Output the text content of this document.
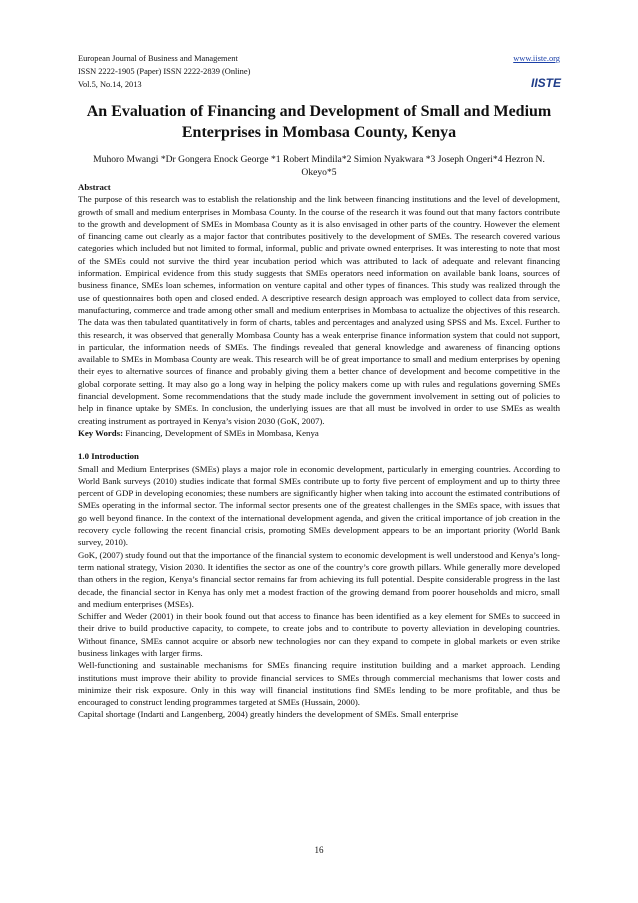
European Journal of Business and Management
ISSN 2222-1905 (Paper) ISSN 2222-2839 (Online)
Vol.5, No.14, 2013
www.iiste.org
IISTE
An Evaluation of Financing and Development of Small and Medium Enterprises in Mombasa County, Kenya
Muhoro Mwangi *Dr Gongera Enock George *1 Robert Mindila*2 Simion Nyakwara *3 Joseph Ongeri*4 Hezron N. Okeyo*5

Abstract

The purpose of this research was to establish the relationship and the link between financing institutions and the level of development, growth of small and medium enterprises in Mombasa County. In the course of the research it was found out that many factors contribute to the growth and development of SMEs in Mombasa County as it is also envisaged in other parts of the country. However the element of financing came out clearly as a major factor that contributes positively to the development of SMEs. The research covered various categories which included but not limited to formal, informal, public and private owned enterprises. It was interesting to note that most of the SMEs could not survive the third year incubation period which was attributed to lack of adequate and relevant financing information. Empirical evidence from this study suggests that SMEs operators need information on available bank loans, sources of business finance, SMEs loan schemes, information on venture capital and other types of finances. This study was realized through the use of questionnaires both open and closed ended. A descriptive research design approach was employed to collect data from service, manufacturing, commerce and trade among other small and medium enterprises in Mombasa to actualize the objectives of this research. The data was then tabulated quantitatively in form of charts, tables and percentages and analyzed using SPSS and Ms. Excel. Further to this research, it was observed that generally Mombasa County has a weak enterprise finance information system that could not support, in particular, the information needs of SMEs. The findings revealed that general knowledge and awareness of financing options available to SMEs in Mombasa County are weak. This research will be of great importance to small and medium enterprises by opening their eyes to alternative sources of finance and probably giving them a better chance of development and become competitive in the global corporate setting. It may also go a long way in helping the policy makers come up with rules and regulations governing SMEs financial development. Some recommendations that the study made include the government involvement in setting out of policies to help in finance uptake by SMEs. In conclusion, the underlying issues are that all must be involved in order to use SMEs as wealth creating instrument as portrayed in Kenya’s vision 2030 (GoK, 2007).

Key Words: Financing, Development of SMEs in Mombasa, Kenya

1.0 Introduction

Small and Medium Enterprises (SMEs) plays a major role in economic development, particularly in emerging countries. According to World Bank surveys (2010) studies indicate that formal SMEs contribute up to forty five percent of employment and up to thirty three percent of GDP in developing economies; these numbers are significantly higher when taking into account the estimated contributions of SMEs operating in the informal sector. The informal sector presents one of the greatest challenges in the SMEs space, with issues that go well beyond finance. In the context of the international development agenda, and given the critical importance of job creation in the recovery cycle following the recent financial crisis, promoting SMEs development appears to be an important priority (World Bank survey, 2010).

GoK, (2007) study found out that the importance of the financial system to economic development is well understood and Kenya’s long-term national strategy, Vision 2030. It identifies the sector as one of the country’s core growth pillars. While generally more developed than others in the region, Kenya’s financial sector remains far from achieving its full potential. Despite considerable progress in the last decade, the financial sector in Kenya has only met a modest fraction of the growing demand from poorer households and micro, small and medium enterprises (MSEs).

Schiffer and Weder (2001) in their book found out that access to finance has been identified as a key element for SMEs to succeed in their drive to build productive capacity, to compete, to create jobs and to contribute to poverty alleviation in developing countries. Without finance, SMEs cannot acquire or absorb new technologies nor can they expand to compete in global markets or even strike business linkages with larger firms.

Well-functioning and sustainable mechanisms for SMEs financing require institution building and a market approach. Lending institutions must improve their ability to provide financial services to SMEs through commercial mechanisms that lower costs and minimize their risk exposure. Only in this way will financial institutions find SMEs lending to be more profitable, and thus be encouraged to construct lending programmes targeted at SMEs (Hussain, 2000).

Capital shortage (Indarti and Langenberg, 2004) greatly hinders the development of SMEs. Small enterprise

16
